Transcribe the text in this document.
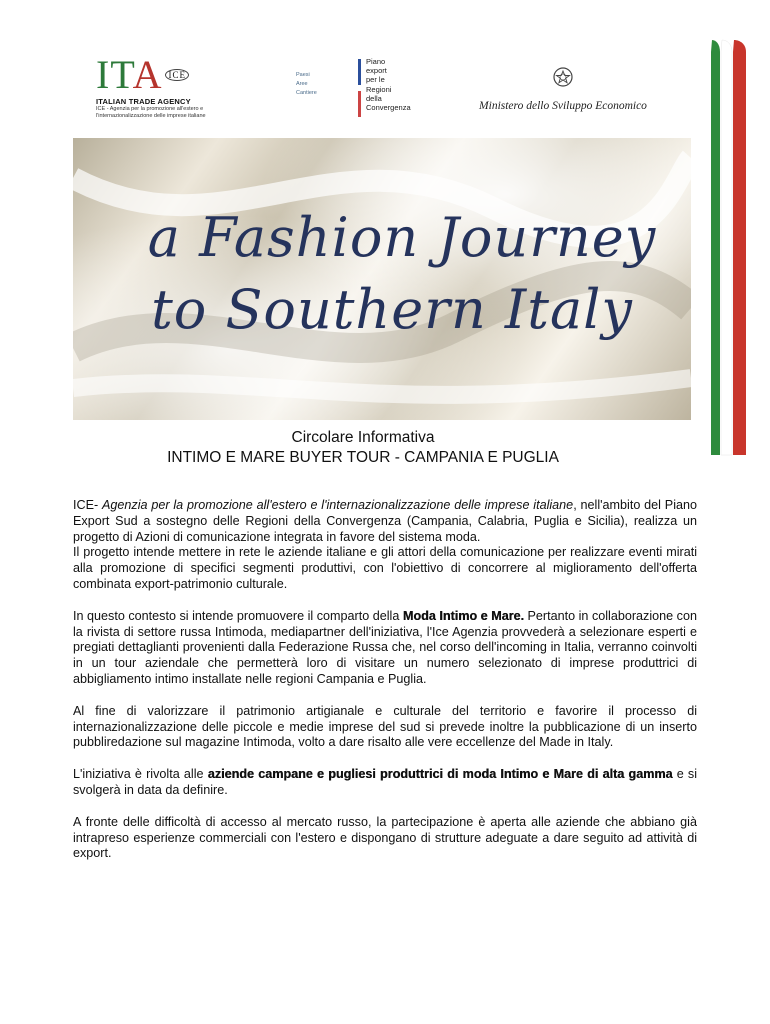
ITA $^{ICE}$
ITALIAN TRADE AGENCY
ICE - Agenzia per la promozione all'estero e
l'internazionalizzazione delle imprese italiane
Paesi
Aree
Cantiere
Piano
export
per le
Regioni
della
Convergenza	Ministero dello Sviluppo Economico
a Fashion Journey
to Southern Italy
Circolare Informativa
INTIMO E MARE BUYER TOUR - CAMPANIA E PUGLIA

ICE- Agenzia per la promozione all'estero e l'internazionalizzazione delle imprese italiane, nell'ambito del Piano Export Sud a sostegno delle Regioni della Convergenza (Campania, Calabria, Puglia e Sicilia), realizza un progetto di Azioni di comunicazione integrata in favore del sistema moda.

Il progetto intende mettere in rete le aziende italiane e gli attori della comunicazione per realizzare eventi mirati alla promozione di specifici segmenti produttivi, con l'obiettivo di concorrere al miglioramento dell'offerta combinata export-patrimonio culturale.

In questo contesto si intende promuovere il comparto della Moda Intimo e Mare. Pertanto in collaborazione con la rivista di settore russa Intimoda, mediapartner dell'iniziativa, l'Ice Agenzia provvederà a selezionare esperti e pregiati dettaglianti provenienti dalla Federazione Russa che, nel corso dell'incoming in Italia, verranno coinvolti in un tour aziendale che permetterà loro di visitare un numero selezionato di imprese produttrici di abbigliamento intimo installate nelle regioni Campania e Puglia.

Al fine di valorizzare il patrimonio artigianale e culturale del territorio e favorire il processo di internazionalizzazione delle piccole e medie imprese del sud si prevede inoltre la pubblicazione di un inserto pubbliredazione sul magazine Intimoda, volto a dare risalto alle vere eccellenze del Made in Italy.

L'iniziativa è rivolta alle aziende campane e pugliesi produttrici di moda Intimo e Mare di alta gamma e si svolgerà in data da definire.

A fronte delle difficoltà di accesso al mercato russo, la partecipazione è aperta alle aziende che abbiano già intrapreso esperienze commerciali con l'estero e dispongano di strutture adeguate a dare seguito ad attività di export.
